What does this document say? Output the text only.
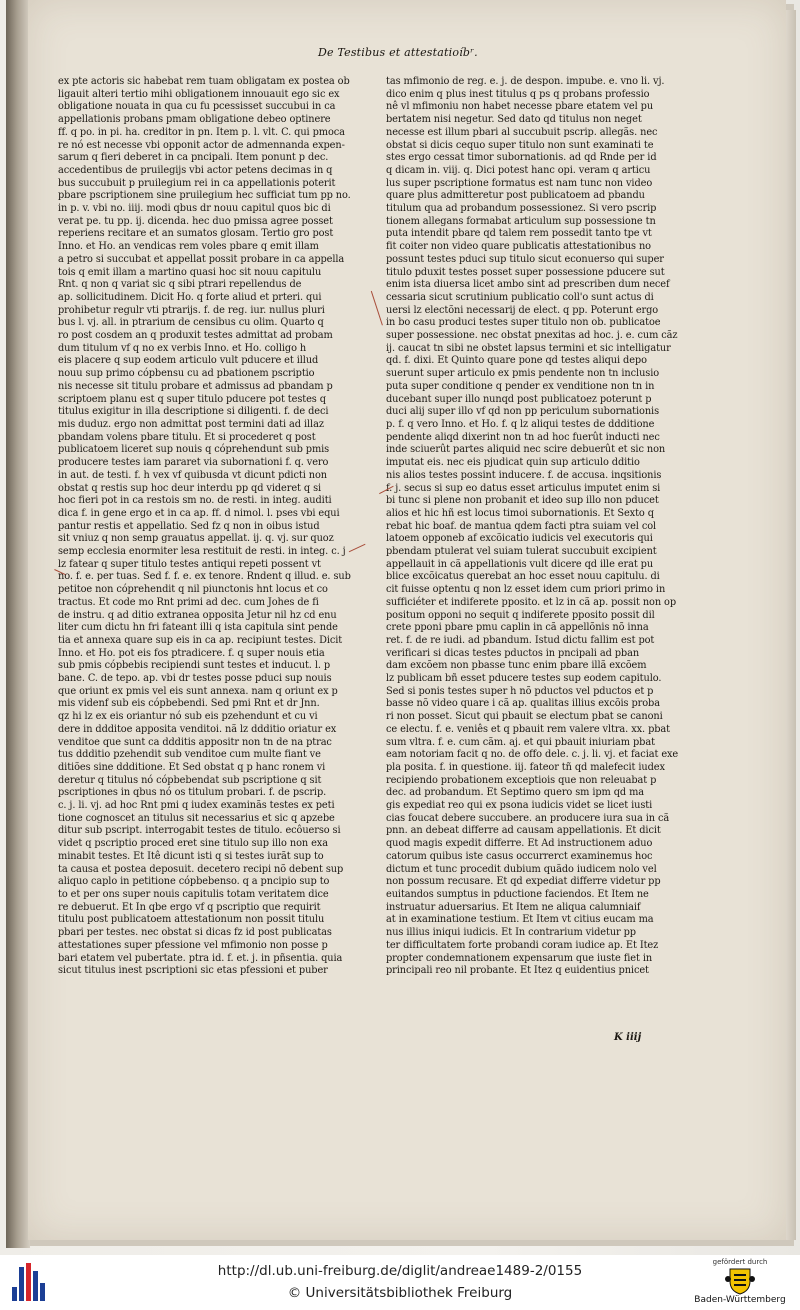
De Testibus et attestatioíbʳ.

ex pte actoris sic habebat rem tuam obligatam ex postea ob

ligauit alteri tertio mihi obligationem innouauit ego sic ex

obligatione nouata in qua cu fu pcessisset succubui in ca

appellationis probans pmam obligatione debeo optinere

ff. q po. in pi. ha. creditor in pn. Item p. l. vlt. C. qui pmoca

re nó est necesse vbi opponit actor de admennanda expen-

sarum q fieri deberet in ca pncipali. Item ponunt p dec.

accedentibus de pruilegijs vbi actor petens decimas in q

bus succubuit p pruilegium rei in ca appellationis poterit

pbare pscriptionem sine pruilegium hec sufficiat tum pp no.

in p. v. vbi no. iiij. modi qbus dr nouu capitul quos bic di

verat pe. tu pp. ij. dicenda. hec duo pmissa agree posset

reperiens recitare et an sumatos glosam. Tertio gro post

Inno. et Ho. an vendicas rem voles pbare q emit illam

a petro si succubat et appellat possit probare in ca appella

tois q emit illam a martino quasi hoc sit nouu capitulu

Rnt. q non q variat sic q sibi ptrari repellendus de

ap. sollicitudinem. Dicit Ho. q forte aliud et prteri. qui

prohibetur regulr vti ptrarijs. f. de reg. iur. nullus pluri

bus l. vj. all. in ptrarium de censibus cu olim. Quarto q

ro post cosdem an q produxit testes admittat ad probam

dum titulum vf q no ex verbis Inno. et Ho. colligo h

eis placere q sup eodem articulo vult pducere et illud

nouu sup primo cópbensu cu ad pbationem pscriptio

nis necesse sit titulu probare et admissus ad pbandam p

scriptoem planu est q super titulo pducere pot testes q

titulus exigitur in illa descriptione si diligenti. f. de deci

mis duduz. ergo non admittat post termini dati ad illaz

pbandam volens pbare titulu. Et si procederet q post

publicatoem liceret sup nouis q cóprehendunt sub pmis

producere testes iam pararet via subornationi f. q. vero

in aut. de testi. f. h vex vf quibusda vt dicunt pdicti non

obstat q restis sup hoc deur interdu pp qd videret q si

hoc fieri pot in ca restois sm no. de resti. in integ. auditi

dica f. in gene ergo et in ca ap. ff. d nimol. l. pses vbi equi

pantur restis et appellatio. Sed fz q non in oibus istud

sit vniuz q non semp grauatus appellat. ij. q. vj. sur quoz

semp ecclesia enormiter lesa restituit de resti. in integ. c. j

lz fatear q super titulo testes antiqui repeti possent vt

no. f. e. per tuas. Sed f. f. e. ex tenore. Rndent q illud. e. sub

petitoe non cóprehendit q nil piunctonis hnt locus et co

tractus. Et code mo Rnt primi ad dec. cum Johes de fi

de instru. q ad ditio extranea opposita Jetur nil hz cd enu

liter cum dictu hn fri fateant illi q ista capitula sint pende

tia et annexa quare sup eis in ca ap. recipiunt testes. Dicit

Inno. et Ho. pot eis fos ptradicere. f. q super nouis etia

sub pmis cópbebis recipiendi sunt testes et inducut. l. p

bane. C. de tepo. ap. vbi dr testes posse pduci sup nouis

que oriunt ex pmis vel eis sunt annexa. nam q oriunt ex p

mis videnf sub eis cópbebendi. Sed pmi Rnt et dr Jnn.

qz hi lz ex eis oriantur nó sub eis pzehendunt et cu vi

dere in ddditoe apposita venditoi. nã lz ddditio oriatur ex

venditoe que sunt ca ddditis appositr non tn de na ptrac

tus ddditio pzehendit sub venditoe cum multe fiant ve

ditiões sine ddditione. Et Sed obstat q p hanc ronem vi

deretur q titulus nó cópbebendat sub pscriptione q sit

pscriptiones in qbus nó os titulum probari. f. de pscrip.

c. j. li. vj. ad hoc Rnt pmi q iudex examinãs testes ex peti

tione cognoscet an titulus sit necessarius et sic q apzebe

ditur sub pscript. interrogabit testes de titulo. ecôuerso si

videt q pscriptio proced eret sine titulo sup illo non exa

minabit testes. Et Itê dicunt isti q si testes iurãt sup to

ta causa et postea deposuit. decetero recipi nõ debent sup

aliquo caplo in petitione cópbebenso. q a pncipio sup to

to et per ons super nouis capitulis totam veritatem dice

re debuerut. Et In qbe ergo vf q pscriptio que requirit

titulu post publicatoem attestationum non possit titulu

pbari per testes. nec obstat si dicas fz id post publicatas

attestationes super pfessione vel mfimonio non posse p

bari etatem vel pubertate. ptra id. f. et. j. in pñsentia. quia

sicut titulus inest pscriptioni sic etas pfessioni et puber

tas mfimonio de reg. e. j. de despon. impube. e. vno li. vj.

dico enim q plus inest titulus q ps q probans professio

nê vl mfimoniu non habet necesse pbare etatem vel pu

bertatem nisi negetur. Sed dato qd titulus non neget

necesse est illum pbari al succubuit pscrip. allegãs. nec

obstat si dicis cequo super titulo non sunt examinati te

stes ergo cessat timor subornationis. ad qd Rnde per id

q dicam in. viij. q. Dici potest hanc opi. veram q articu

lus super pscriptione formatus est nam tunc non video

quare plus admitteretur post publicatoem ad pbandu

titulum qua ad probandum possessionez. Si vero pscrip

tionem allegans formabat articulum sup possessione tn

puta intendit pbare qd talem rem possedit tanto tpe vt

fit coiter non video quare publicatis attestationibus no

possunt testes pduci sup titulo sicut econuerso qui super

titulo pduxit testes posset super possessione pducere sut

enim ista diuersa licet ambo sint ad prescriben dum necef

cessaria sicut scrutinium publicatio coll'o sunt actus di

uersi lz electõni necessarij de elect. q pp. Poterunt ergo

in bo casu produci testes super titulo non ob. publicatoe

super possessione. nec obstat pnexitas ad hoc. j. e. cum cãz

ij. caucat tn sibi ne obstet lapsus termini et sic intelligatur

qd. f. dixi. Et Quinto quare pone qd testes aliqui depo

suerunt super articulo ex pmis pendente non tn inclusio

puta super conditione q pender ex venditione non tn in

ducebant super illo nunqd post publicatoez poterunt p

duci alij super illo vf qd non pp periculum subornationis

p. f. q vero Inno. et Ho. f. q lz aliqui testes de ddditione

pendente aliqd dixerint non tn ad hoc fuerût inducti nec

inde sciuerût partes aliquid nec scire debuerût et sic non

imputat eis. nec eis pjudicat quin sup articulo dditio

nis alios testes possint inducere. f. de accusa. inqsitionis

f. j. secus si sup eo datus esset articulus imputet enim si

bi tunc si plene non probanit et ideo sup illo non pducet

alios et hic hñ est locus timoi subornationis. Et Sexto q

rebat hic boaf. de mantua qdem facti ptra suiam vel col

latoem opponeb af excõicatio iudicis vel executoris qui

pbendam ptulerat vel suiam tulerat succubuit excipient

appellauit in cã appellationis vult dicere qd ille erat pu

blice excõicatus querebat an hoc esset nouu capitulu. di

cit fuisse optentu q non lz esset idem cum priori primo in

sufficiéter et indiferete pposito. et lz in cã ap. possit non op

positum opponi no sequit q indiferete pposito possit dil

crete pponi pbare pmu caplin in cã appellõnis nõ inna

ret. f. de re iudi. ad pbandum. Istud dictu fallim est pot

verificari si dicas testes pductos in pncipali ad pban

dam excõem non pbasse tunc enim pbare illã excõem

lz publicam bñ esset pducere testes sup eodem capitulo.

Sed si ponis testes super h nõ pductos vel pductos et p

basse nõ video quare i cã ap. qualitas illius excõis proba

ri non posset. Sicut qui pbauit se electum pbat se canoni

ce electu. f. e. veniês et q pbauit rem valere vltra. xx. pbat

sum vltra. f. e. cum cãm. aj. et qui pbauit iniuriam pbat

eam notoriam facit q no. de offo dele. c. j. li. vj. et faciat exe

pla posita. f. in questione. iij. fateor tñ qd malefecit iudex

recipiendo probationem exceptiois que non releuabat p

dec. ad probandum. Et Septimo quero sm ipm qd ma

gis expediat reo qui ex psona iudicis videt se licet iusti

cias foucat debere succubere. an producere iura sua in cã

pnn. an debeat differre ad causam appellationis. Et dicit

quod magis expedit differre. Et Ad instructionem aduo

catorum quibus iste casus occurrerct examinemus hoc

dictum et tunc procedit dubium quãdo iudicem nolo vel

non possum recusare. Et qd expediat differre videtur pp

euitandos sumptus in pductione faciendos. Et Item ne

instruatur aduersarius. Et Item ne aliqua calumniaif

at in examinatione testium. Et Item vt citius eucam ma

nus illius iniqui iudicis. Et In contrarium videtur pp

ter difficultatem forte probandi coram iudice ap. Et Itez

propter condemnationem expensarum que iuste fiet in

principali reo nil probante. Et Itez q euidentius pnicet

K iiij
http://dl.ub.uni-freiburg.de/diglit/andreae1489-2/0155
© Universitätsbibliothek Freiburg
gefördert durch
Baden-Württemberg
